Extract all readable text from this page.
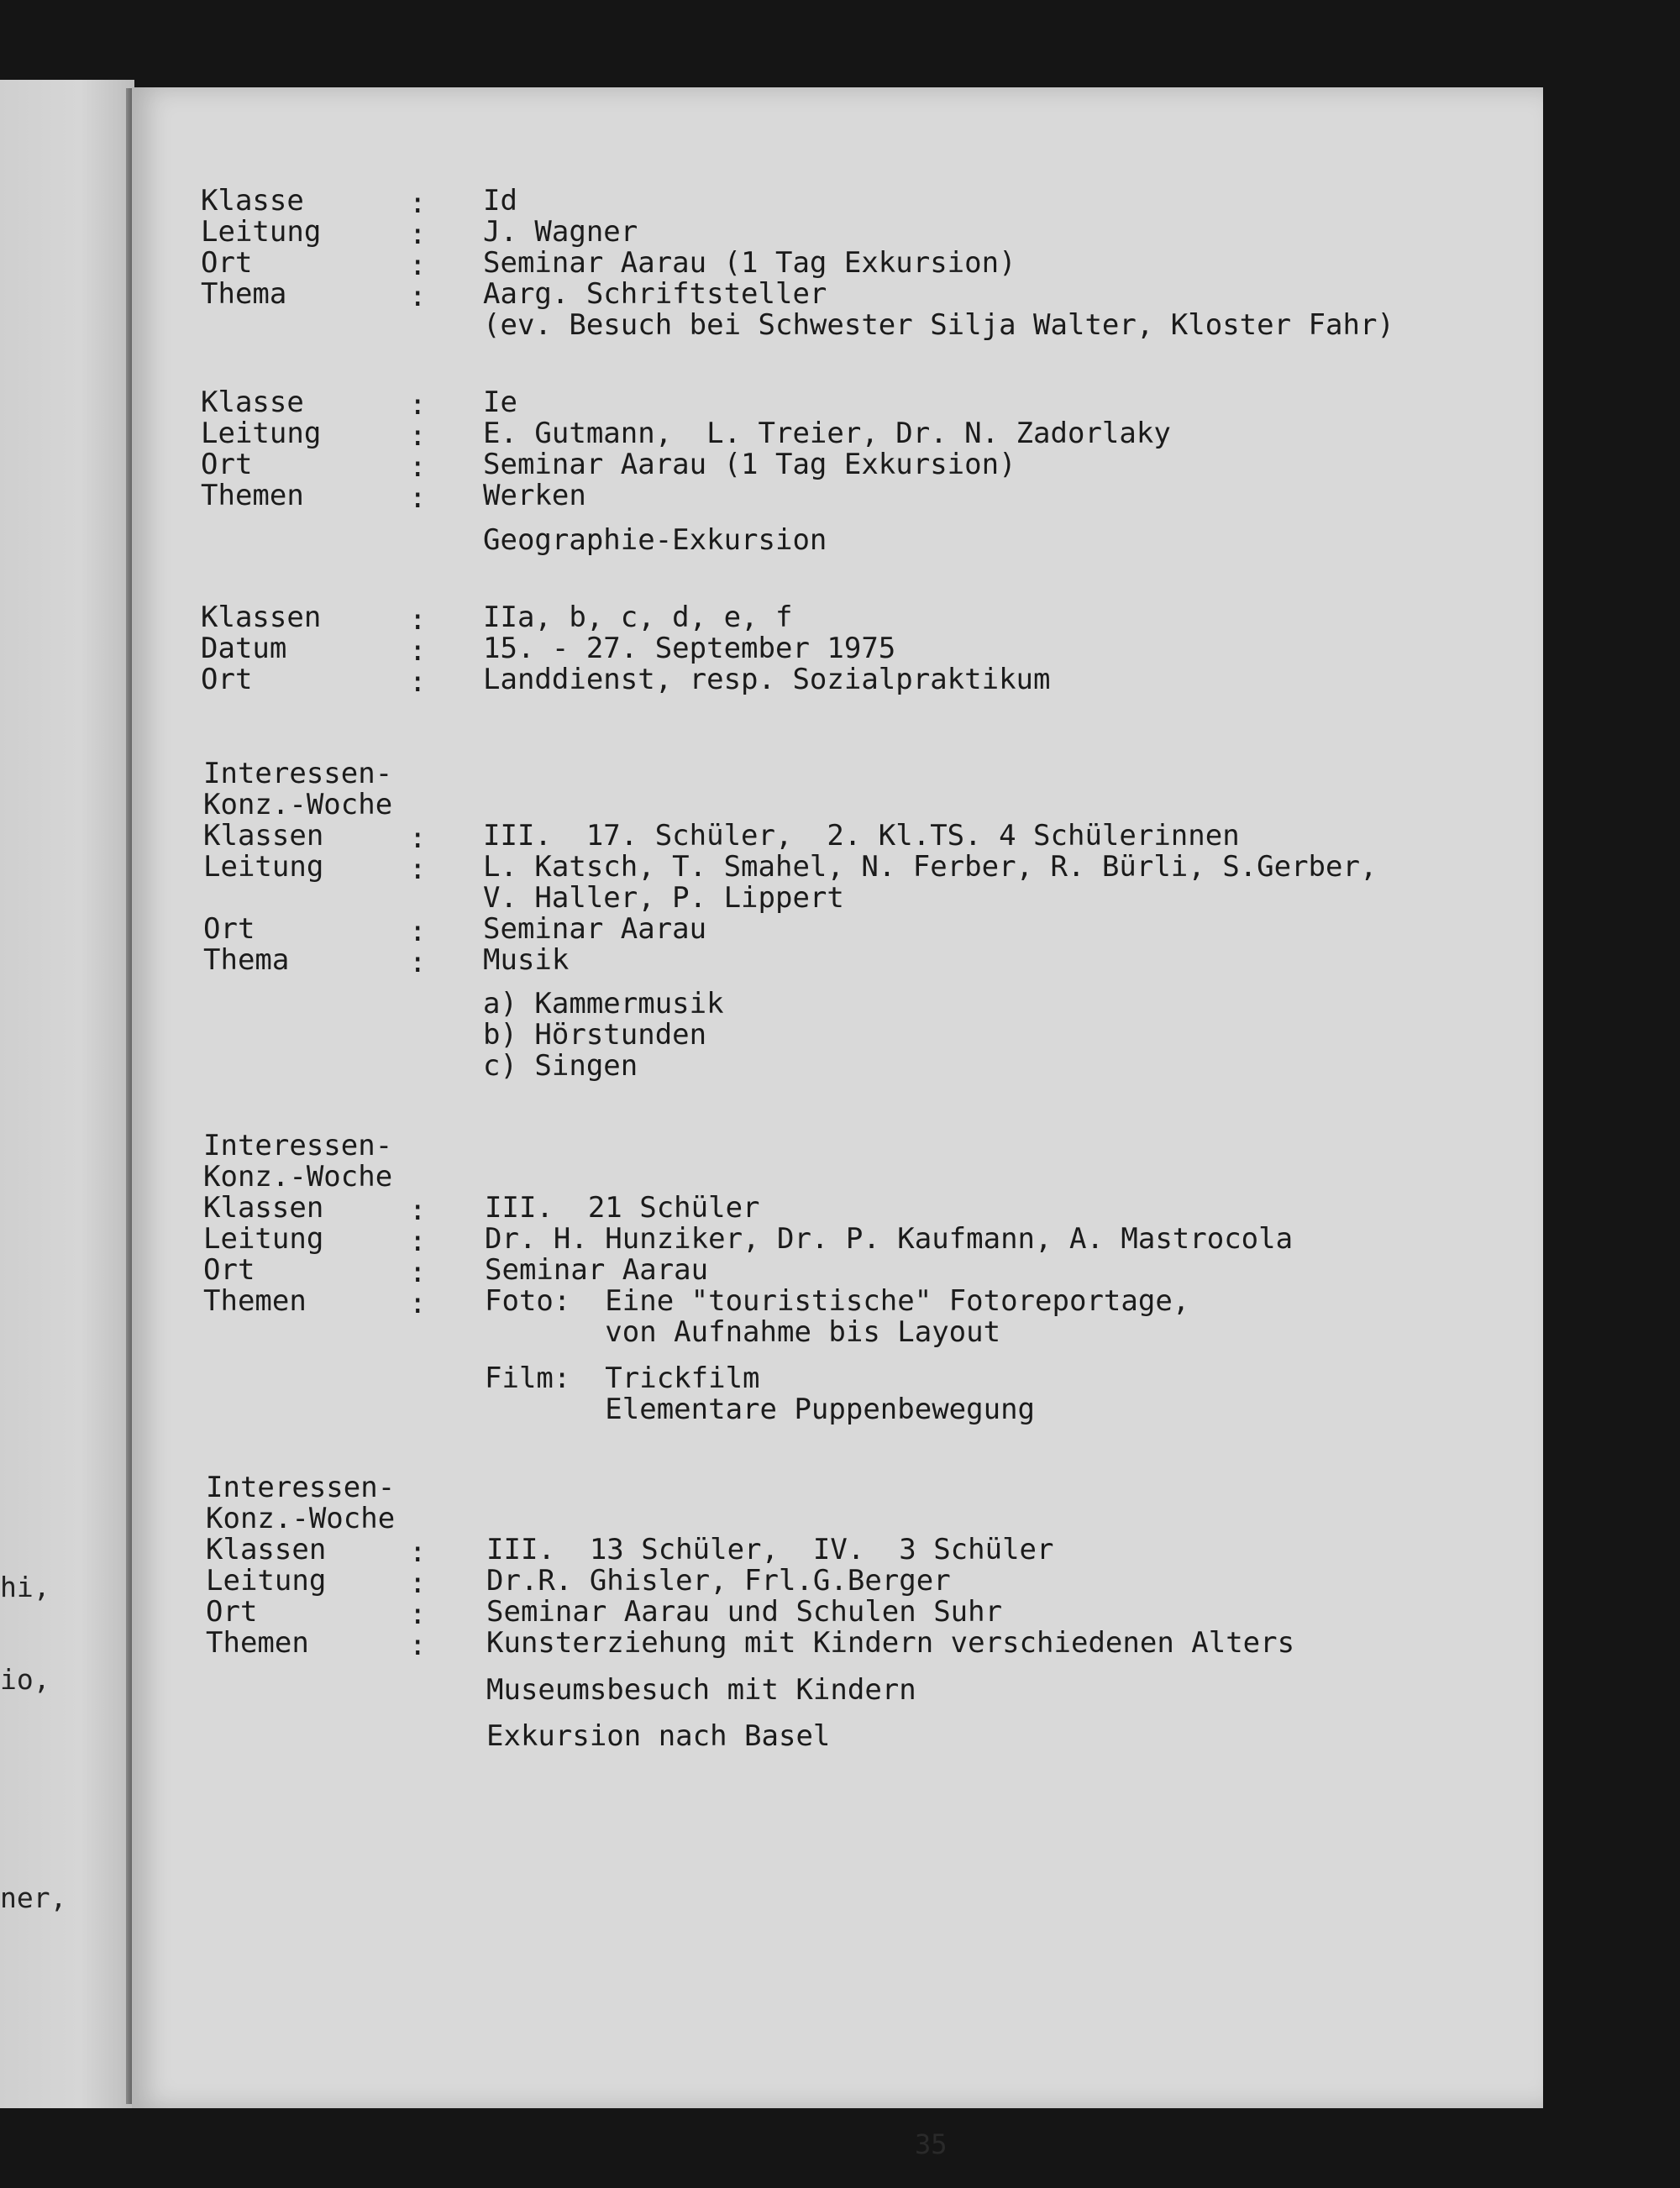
hi,
io,
ner,
Klasse	: Id
Leitung	: J. Wagner
Ort	: Seminar Aarau (1 Tag Exkursion)
Thema	: Aarg. Schriftsteller
(ev. Besuch bei Schwester Silja Walter, Kloster Fahr)
Klasse	: Ie
Leitung	: E. Gutmann,  L. Treier, Dr. N. Zadorlaky
Ort	: Seminar Aarau (1 Tag Exkursion)
Themen	: Werken
Geographie-Exkursion
Klassen	: IIa, b, c, d, e, f
Datum	: 15. - 27. September 1975
Ort	: Landdienst, resp. Sozialpraktikum
Interessen-
Konz.-Woche
Klassen	: III.  17. Schüler,  2. Kl.TS. 4 Schülerinnen
Leitung	: L. Katsch, T. Smahel, N. Ferber, R. Bürli, S.Gerber,
V. Haller, P. Lippert
Ort	: Seminar Aarau
Thema	: Musik
a) Kammermusik
b) Hörstunden
c) Singen
Interessen-
Konz.-Woche
Klassen	: III.  21 Schüler
Leitung	: Dr. H. Hunziker, Dr. P. Kaufmann, A. Mastrocola
Ort	: Seminar Aarau
Themen	: Foto:  Eine "touristische" Fotoreportage,
von Aufnahme bis Layout
Film:  Trickfilm
Elementare Puppenbewegung
Interessen-
Konz.-Woche
Klassen	: III.  13 Schüler,  IV.  3 Schüler
Leitung	: Dr.R. Ghisler, Frl.G.Berger
Ort	: Seminar Aarau und Schulen Suhr
Themen	: Kunsterziehung mit Kindern verschiedenen Alters
Museumsbesuch mit Kindern
Exkursion nach Basel
35
